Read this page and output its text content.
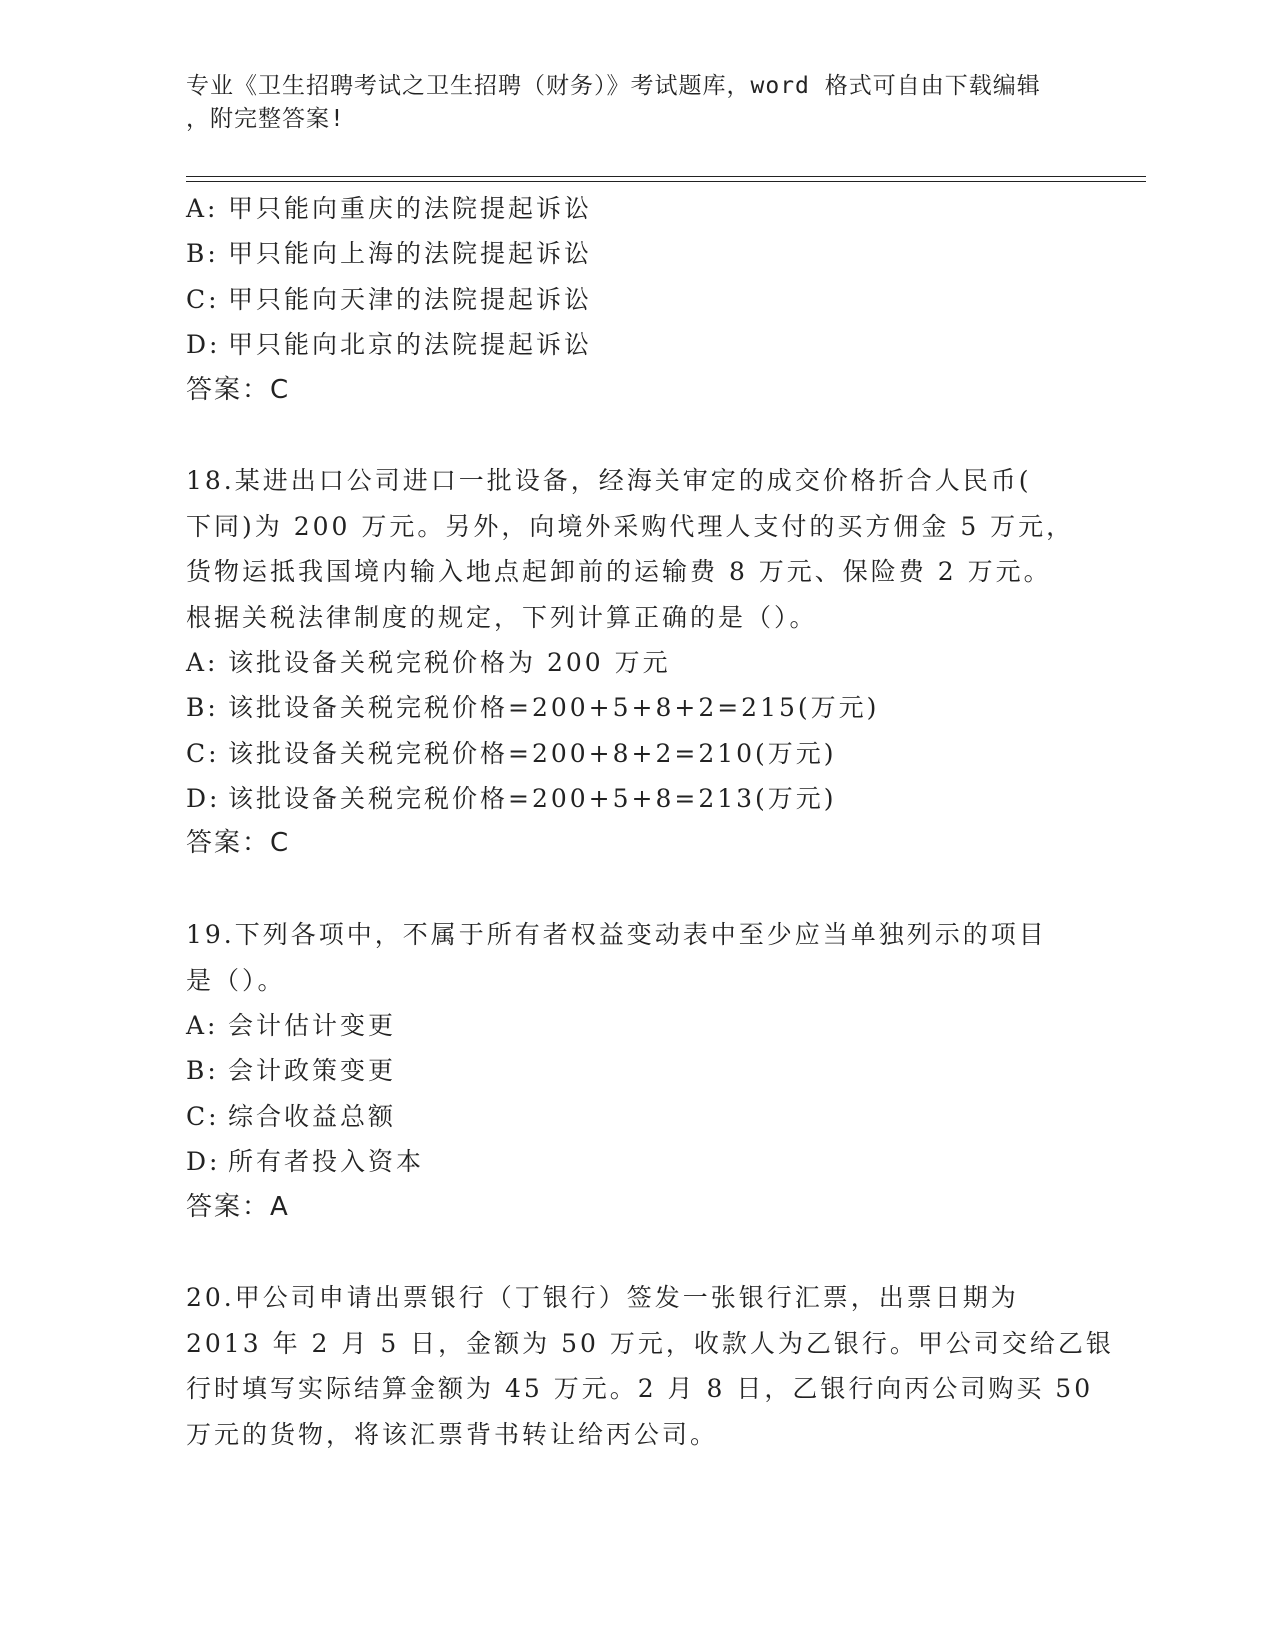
专业《卫生招聘考试之卫生招聘（财务）》考试题库，word 格式可自由下载编辑
，附完整答案!
A: 甲只能向重庆的法院提起诉讼
B: 甲只能向上海的法院提起诉讼
C: 甲只能向天津的法院提起诉讼
D: 甲只能向北京的法院提起诉讼
答案：C
18.某进出口公司进口一批设备，经海关审定的成交价格折合人民币(
下同)为 200 万元。另外，向境外采购代理人支付的买方佣金 5 万元，
货物运抵我国境内输入地点起卸前的运输费 8 万元、保险费 2 万元。
根据关税法律制度的规定，下列计算正确的是（）。
A: 该批设备关税完税价格为 200 万元
B: 该批设备关税完税价格=200+5+8+2=215(万元)
C: 该批设备关税完税价格=200+8+2=210(万元)
D: 该批设备关税完税价格=200+5+8=213(万元)
答案：C
19.下列各项中，不属于所有者权益变动表中至少应当单独列示的项目
是（）。
A: 会计估计变更
B: 会计政策变更
C: 综合收益总额
D: 所有者投入资本
答案：A
20.甲公司申请出票银行（丁银行）签发一张银行汇票，出票日期为
2013 年 2 月 5 日，金额为 50 万元，收款人为乙银行。甲公司交给乙银
行时填写实际结算金额为 45 万元。2 月 8 日，乙银行向丙公司购买 50
万元的货物，将该汇票背书转让给丙公司。
